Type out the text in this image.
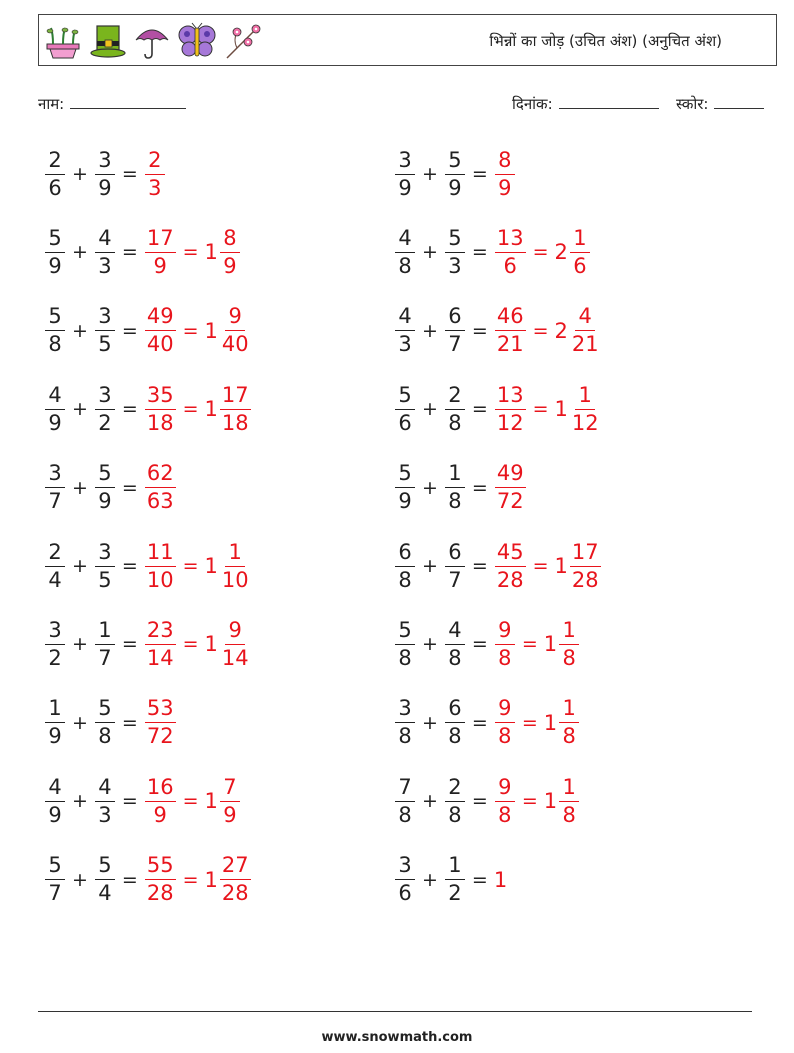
भिन्नों का जोड़ (उचित अंश) (अनुचित अंश)
नाम:	दिनांक:	स्कोर:
$\frac{2}{6} + \frac{3}{9} = \frac{2}{3}$	$\frac{3}{9} + \frac{5}{9} = \frac{8}{9}$
$\frac{5}{9} + \frac{4}{3} = \frac{17}{9} = 1 \frac{8}{9}$	$\frac{4}{8} + \frac{5}{3} = \frac{13}{6} = 2 \frac{1}{6}$
$\frac{5}{8} + \frac{3}{5} = \frac{49}{40} = 1 \frac{9}{40}$	$\frac{4}{3} + \frac{6}{7} = \frac{46}{21} = 2 \frac{4}{21}$
$\frac{4}{9} + \frac{3}{2} = \frac{35}{18} = 1 \frac{17}{18}$	$\frac{5}{6} + \frac{2}{8} = \frac{13}{12} = 1 \frac{1}{12}$
$\frac{3}{7} + \frac{5}{9} = \frac{62}{63}$	$\frac{5}{9} + \frac{1}{8} = \frac{49}{72}$
$\frac{2}{4} + \frac{3}{5} = \frac{11}{10} = 1 \frac{1}{10}$	$\frac{6}{8} + \frac{6}{7} = \frac{45}{28} = 1 \frac{17}{28}$
$\frac{3}{2} + \frac{1}{7} = \frac{23}{14} = 1 \frac{9}{14}$	$\frac{5}{8} + \frac{4}{8} = \frac{9}{8} = 1 \frac{1}{8}$
$\frac{1}{9} + \frac{5}{8} = \frac{53}{72}$	$\frac{3}{8} + \frac{6}{8} = \frac{9}{8} = 1 \frac{1}{8}$
$\frac{4}{9} + \frac{4}{3} = \frac{16}{9} = 1 \frac{7}{9}$	$\frac{7}{8} + \frac{2}{8} = \frac{9}{8} = 1 \frac{1}{8}$
$\frac{5}{7} + \frac{5}{4} = \frac{55}{28} = 1 \frac{27}{28}$	$\frac{3}{6} + \frac{1}{2} = 1$
www.snowmath.com
